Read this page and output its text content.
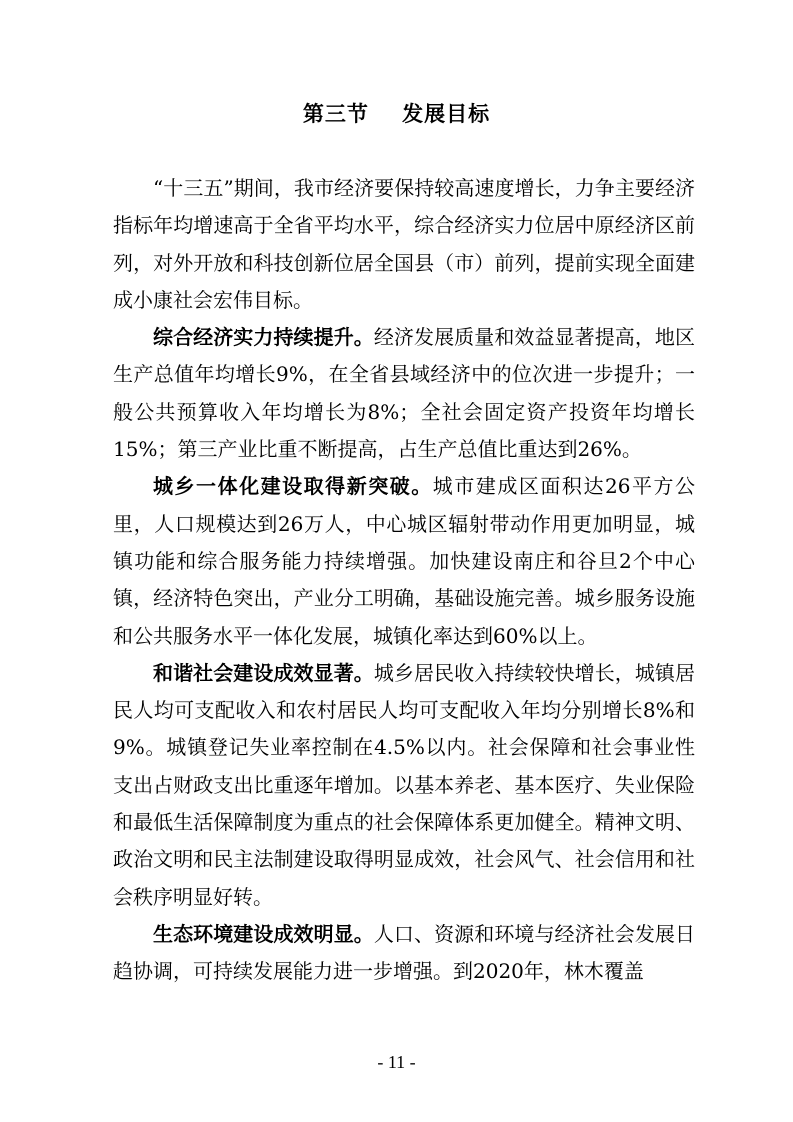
第三节    发展目标

“十三五”期间，我市经济要保持较高速度增长，力争主要经济指标年均增速高于全省平均水平，综合经济实力位居中原经济区前列，对外开放和科技创新位居全国县（市）前列，提前实现全面建成小康社会宏伟目标。

综合经济实力持续提升。经济发展质量和效益显著提高，地区生产总值年均增长9%，在全省县域经济中的位次进一步提升；一般公共预算收入年均增长为8%；全社会固定资产投资年均增长15%；第三产业比重不断提高，占生产总值比重达到26%。

城乡一体化建设取得新突破。城市建成区面积达26平方公里，人口规模达到26万人，中心城区辐射带动作用更加明显，城镇功能和综合服务能力持续增强。加快建设南庄和谷旦2个中心镇，经济特色突出，产业分工明确，基础设施完善。城乡服务设施和公共服务水平一体化发展，城镇化率达到60%以上。

和谐社会建设成效显著。城乡居民收入持续较快增长，城镇居民人均可支配收入和农村居民人均可支配收入年均分别增长8%和9%。城镇登记失业率控制在4.5%以内。社会保障和社会事业性支出占财政支出比重逐年增加。以基本养老、基本医疗、失业保险和最低生活保障制度为重点的社会保障体系更加健全。精神文明、政治文明和民主法制建设取得明显成效，社会风气、社会信用和社会秩序明显好转。

生态环境建设成效明显。人口、资源和环境与经济社会发展日趋协调，可持续发展能力进一步增强。到2020年，林木覆盖

- 11 -
